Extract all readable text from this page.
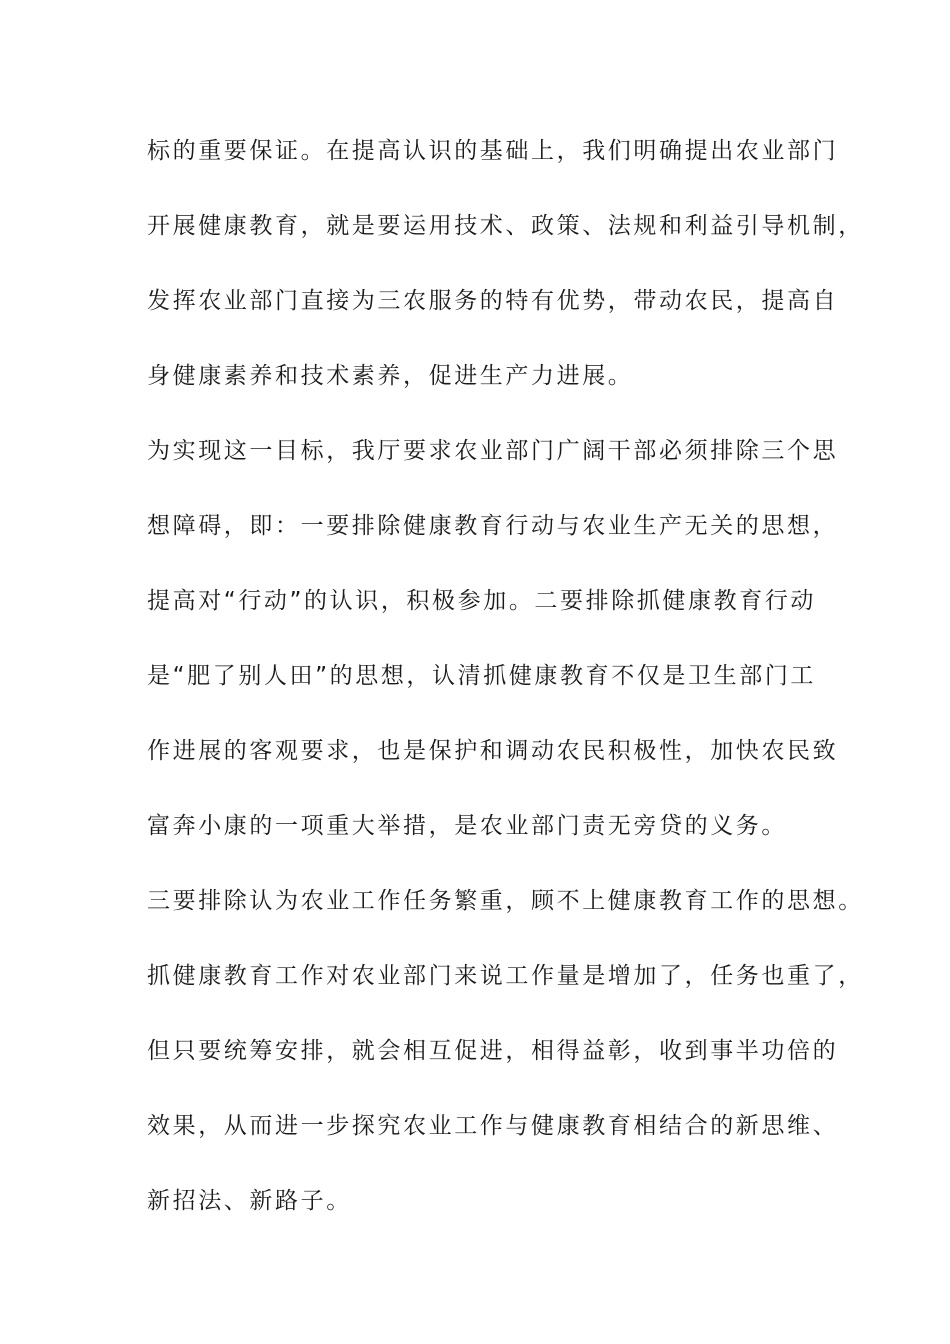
标的重要保证。在提高认识的基础上，我们明确提出农业部门
开展健康教育，就是要运用技术、政策、法规和利益引导机制，
发挥农业部门直接为三农服务的特有优势，带动农民，提高自
身健康素养和技术素养，促进生产力进展。
为实现这一目标，我厅要求农业部门广阔干部必须排除三个思
想障碍，即：一要排除健康教育行动与农业生产无关的思想，
提高对“行动”的认识，积极参加。二要排除抓健康教育行动
是“肥了别人田”的思想，认清抓健康教育不仅是卫生部门工
作进展的客观要求，也是保护和调动农民积极性，加快农民致
富奔小康的一项重大举措，是农业部门责无旁贷的义务。
三要排除认为农业工作任务繁重，顾不上健康教育工作的思想。
抓健康教育工作对农业部门来说工作量是增加了，任务也重了，
但只要统筹安排，就会相互促进，相得益彰，收到事半功倍的
效果，从而进一步探究农业工作与健康教育相结合的新思维、
新招法、新路子。
